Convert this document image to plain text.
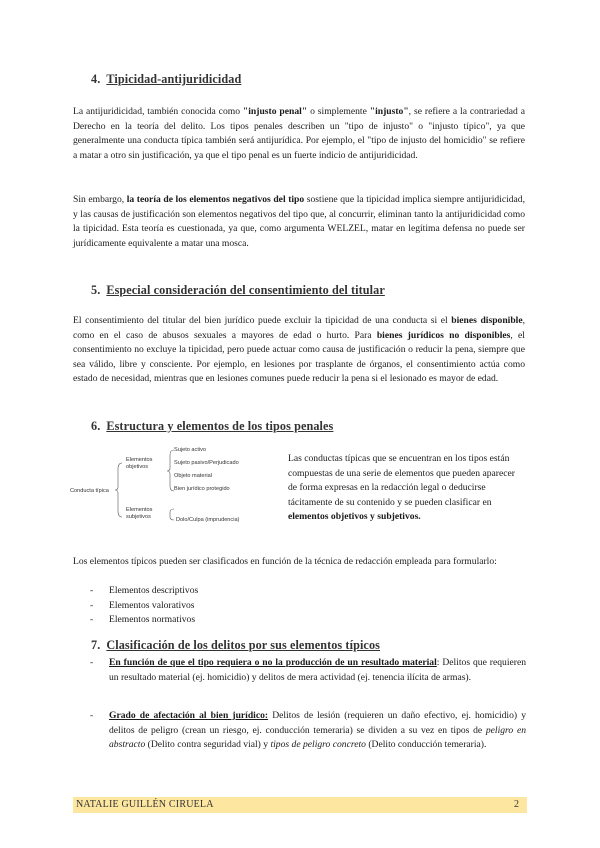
4. Tipicidad-antijuridicidad
La antijuridicidad, también conocida como "injusto penal" o simplemente "injusto", se refiere a la contrariedad a Derecho en la teoría del delito. Los tipos penales describen un "tipo de injusto" o "injusto típico", ya que generalmente una conducta típica también será antijurídica. Por ejemplo, el "tipo de injusto del homicidio" se refiere a matar a otro sin justificación, ya que el tipo penal es un fuerte indicio de antijuridicidad.
Sin embargo, la teoría de los elementos negativos del tipo sostiene que la tipicidad implica siempre antijuridicidad, y las causas de justificación son elementos negativos del tipo que, al concurrir, eliminan tanto la antijuridicidad como la tipicidad. Esta teoría es cuestionada, ya que, como argumenta WELZEL, matar en legítima defensa no puede ser jurídicamente equivalente a matar una mosca.
5. Especial consideración del consentimiento del titular
El consentimiento del titular del bien jurídico puede excluir la tipicidad de una conducta si el bienes disponible, como en el caso de abusos sexuales a mayores de edad o hurto. Para bienes jurídicos no disponibles, el consentimiento no excluye la tipicidad, pero puede actuar como causa de justificación o reducir la pena, siempre que sea válido, libre y consciente. Por ejemplo, en lesiones por trasplante de órganos, el consentimiento actúa como estado de necesidad, mientras que en lesiones comunes puede reducir la pena si el lesionado es mayor de edad.
6. Estructura y elementos de los tipos penales
Conducta típica
Elementos objetivos
Elementos subjetivos
Sujeto activo
Sujeto pasivo/Perjudicado
Objeto material
Bien jurídico protegido
Dolo/Culpa (imprudencia)
Las conductas típicas que se encuentran en los tipos están compuestas de una serie de elementos que pueden aparecer de forma expresas en la redacción legal o deducirse tácitamente de su contenido y se pueden clasificar en elementos objetivos y subjetivos.
Los elementos típicos pueden ser clasificados en función de la técnica de redacción empleada para formularlo:
-	Elementos descriptivos
-	Elementos valorativos
-	Elementos normativos
7. Clasificación de los delitos por sus elementos típicos
-	En función de que el tipo requiera o no la producción de un resultado material: Delitos que requieren un resultado material (ej. homicidio) y delitos de mera actividad (ej. tenencia ilícita de armas).
-	Grado de afectación al bien jurídico: Delitos de lesión (requieren un daño efectivo, ej. homicidio) y delitos de peligro (crean un riesgo, ej. conducción temeraria) se dividen a su vez en tipos de peligro en abstracto (Delito contra seguridad vial) y tipos de peligro concreto (Delito conducción temeraria).
NATALIE GUILLÉN CIRUELA	2
